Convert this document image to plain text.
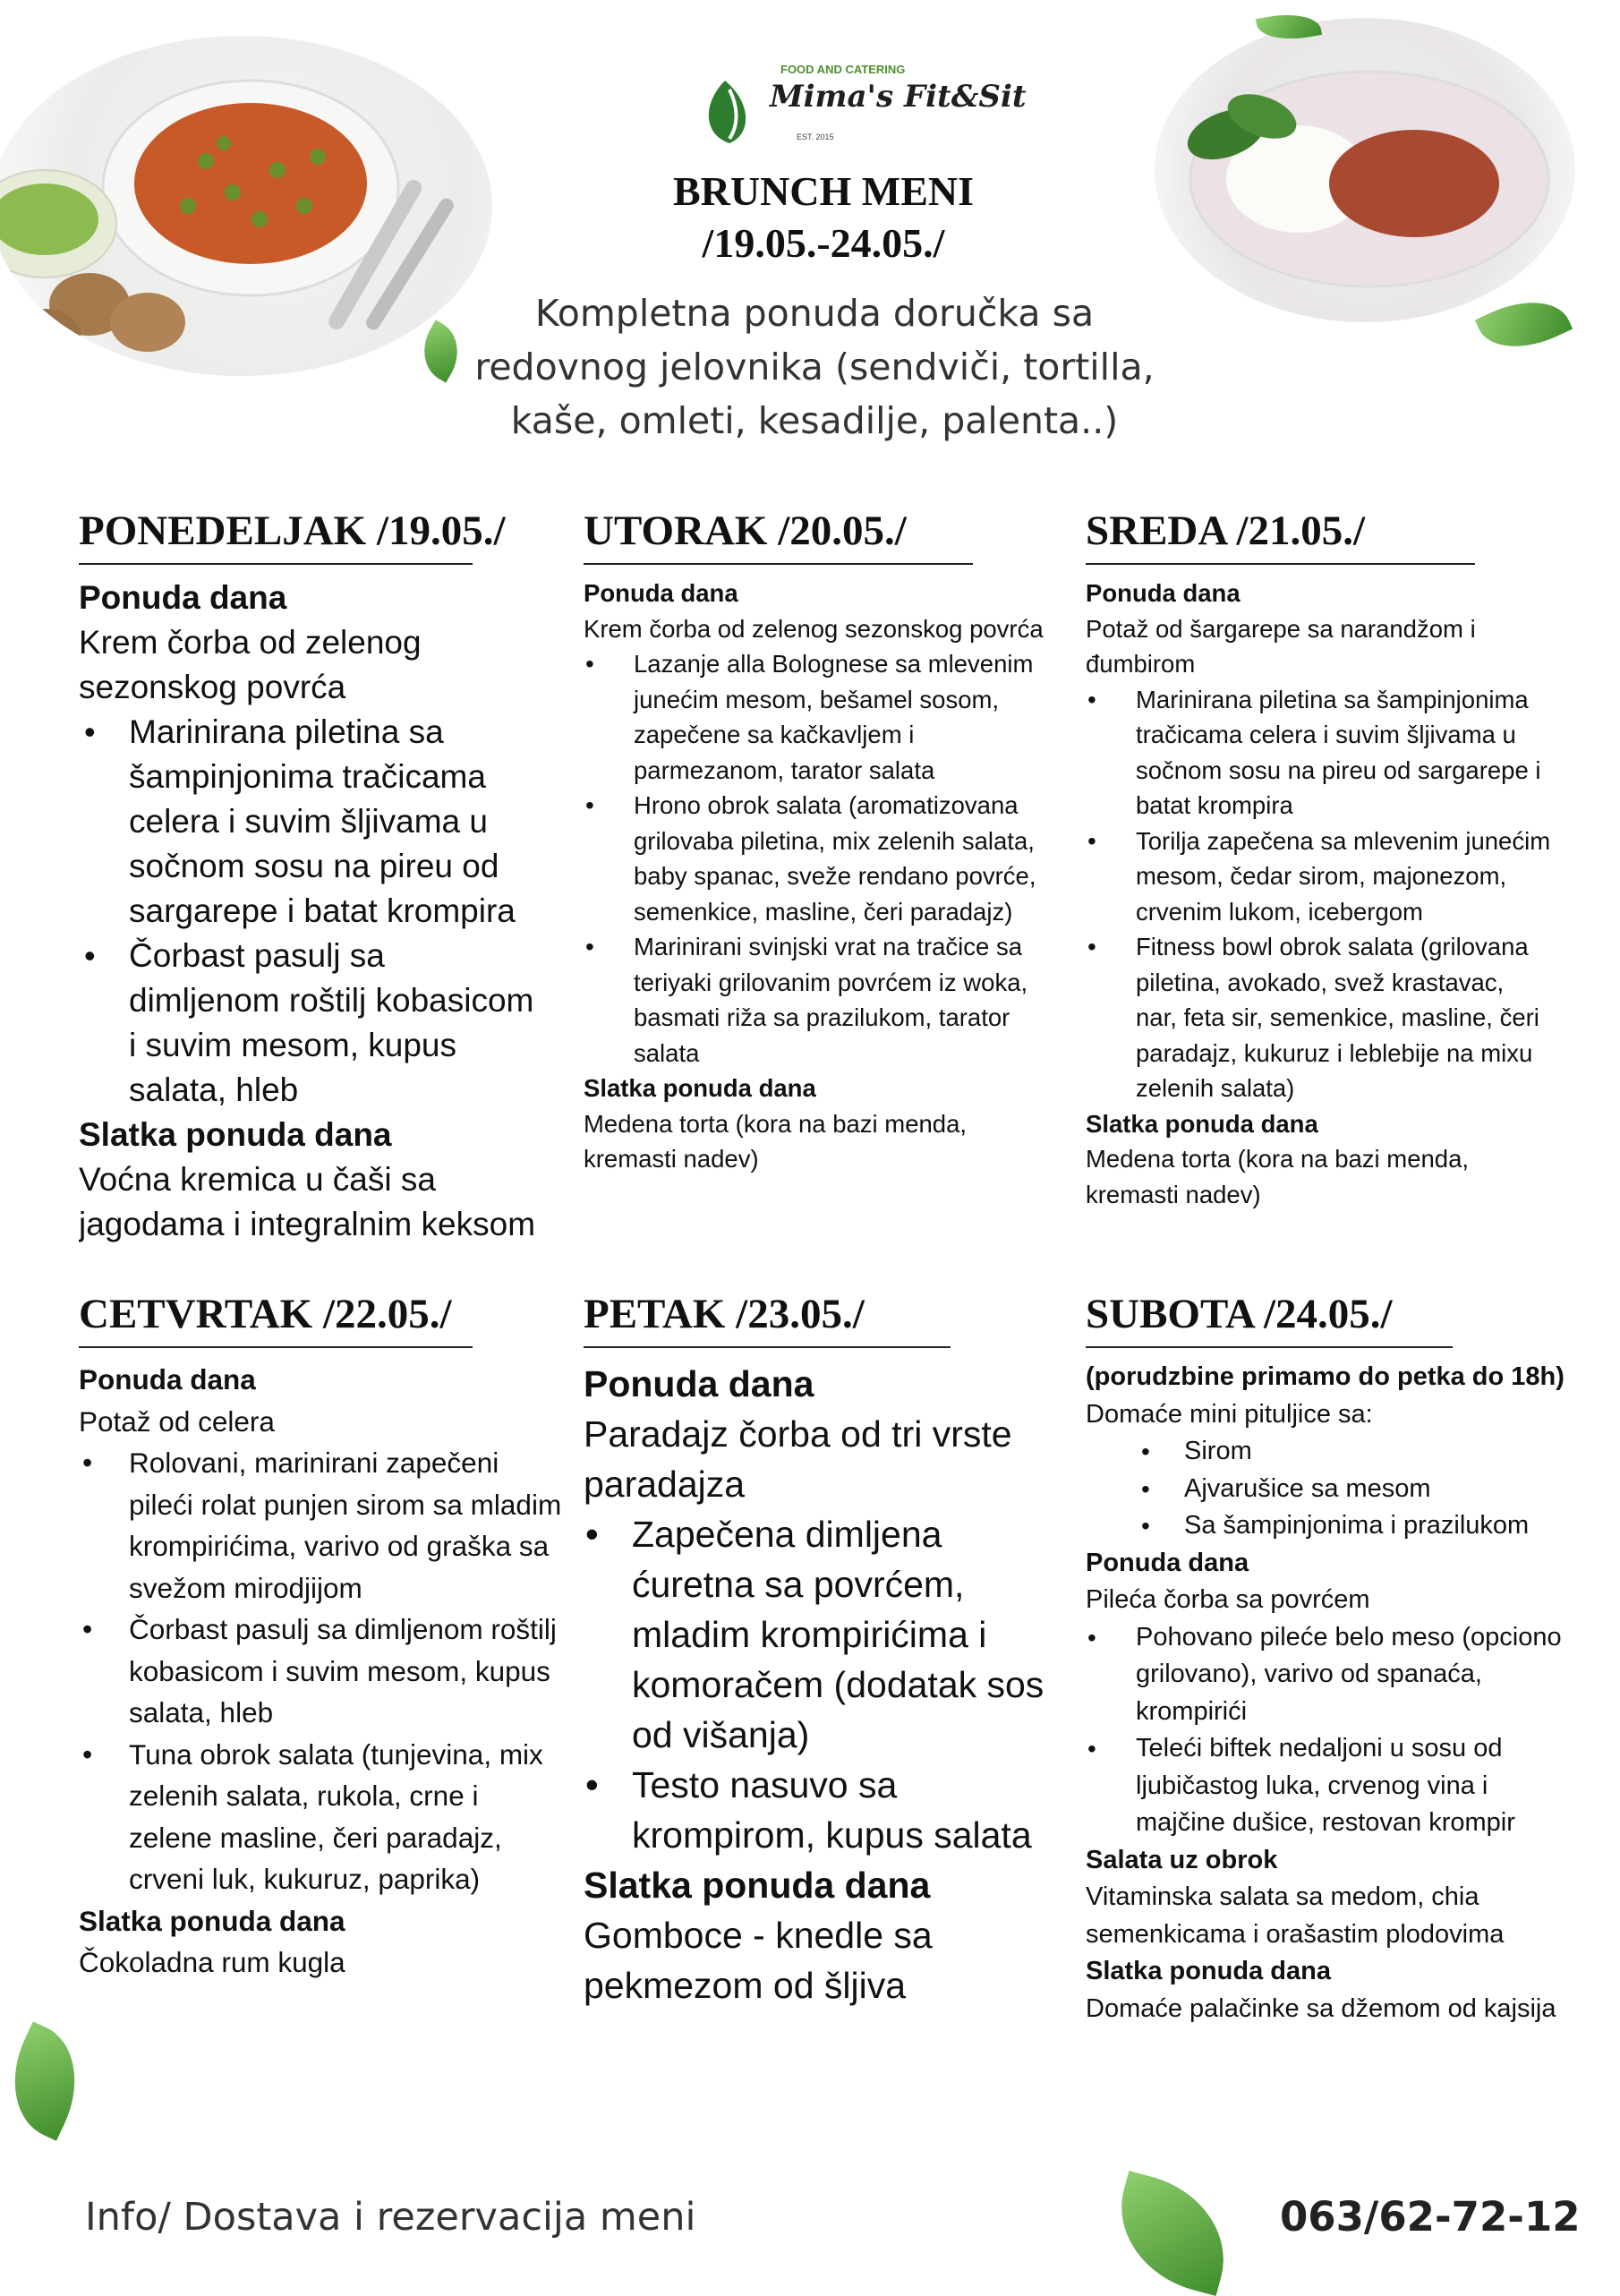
FOOD AND CATERING
Mima's Fit&Sit
EST. 2015
BRUNCH MENI
/19.05.-24.05./
Kompletna ponuda doručka sa
redovnog jelovnika (sendviči, tortilla,
kaše, omleti, kesadilje, palenta..)
PONEDELJAK /19.05./

Ponuda dana

Krem čorba od zelenog sezonskog povrća

• Marinirana piletina sa šampinjonima tračicama celera i suvim šljivama u sočnom sosu na pireu od sargarepe i batat krompira
• Čorbast pasulj sa dimljenom roštilj kobasicom i suvim mesom, kupus salata, hleb

Slatka ponuda dana

Voćna kremica u čaši sa jagodama i integralnim keksom

UTORAK /20.05./

Ponuda dana

Krem čorba od zelenog sezonskog povrća

• Lazanje alla Bolognese sa mlevenim junećim mesom, bešamel sosom, zapečene sa kačkavljem i parmezanom, tarator salata
• Hrono obrok salata (aromatizovana grilovaba piletina, mix zelenih salata, baby spanac, sveže rendano povrće, semenkice, masline, čeri paradajz)
• Marinirani svinjski vrat na tračice sa teriyaki grilovanim povrćem iz woka, basmati riža sa prazilukom, tarator salata

Slatka ponuda dana

Medena torta (kora na bazi menda, kremasti nadev)

SREDA /21.05./

Ponuda dana

Potaž od šargarepe sa narandžom i đumbirom

• Marinirana piletina sa šampinjonima tračicama celera i suvim šljivama u sočnom sosu na pireu od sargarepe i batat krompira
• Torilja zapečena sa mlevenim junećim mesom, čedar sirom, majonezom, crvenim lukom, icebergom
• Fitness bowl obrok salata (grilovana piletina, avokado, svež krastavac, nar, feta sir, semenkice, masline, čeri paradajz, kukuruz i leblebije na mixu zelenih salata)

Slatka ponuda dana

Medena torta (kora na bazi menda, kremasti nadev)

CETVRTAK /22.05./

Ponuda dana

Potaž od celera

• Rolovani, marinirani zapečeni pileći rolat punjen sirom sa mladim krompirićima, varivo od graška sa svežom mirodjijom
• Čorbast pasulj sa dimljenom roštilj kobasicom i suvim mesom, kupus salata, hleb
• Tuna obrok salata (tunjevina, mix zelenih salata, rukola, crne i zelene masline, čeri paradajz, crveni luk, kukuruz, paprika)

Slatka ponuda dana

Čokoladna rum kugla

PETAK /23.05./

Ponuda dana

Paradajz čorba od tri vrste paradajza

• Zapečena dimljena ćuretna sa povrćem, mladim krompirićima i komoračem (dodatak sos od višanja)
• Testo nasuvo sa krompirom, kupus salata

Slatka ponuda dana

Gomboce - knedle sa pekmezom od šljiva

SUBOTA /24.05./

(porudzbine primamo do petka do 18h)

Domaće mini pituljice sa:

• Sirom
• Ajvarušice sa mesom
• Sa šampinjonima i prazilukom

Ponuda dana

Pileća čorba sa povrćem

• Pohovano pileće belo meso (opciono grilovano), varivo od spanaća, krompirići
• Teleći biftek nedaljoni u sosu od ljubičastog luka, crvenog vina i majčine dušice, restovan krompir

Salata uz obrok

Vitaminska salata sa medom, chia semenkicama i orašastim plodovima

Slatka ponuda dana

Domaće palačinke sa džemom od kajsija

Info/ Dostava i rezervacija meni	063/62-72-12
